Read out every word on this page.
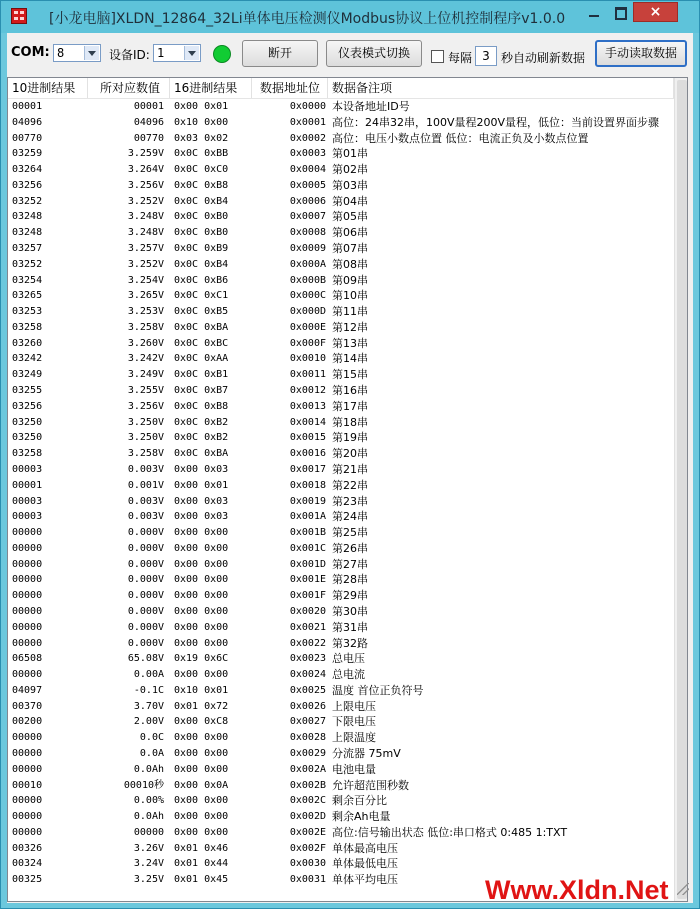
[小龙电脑]XLDN_12864_32Li单体电压检测仪Modbus协议上位机控制程序v1.0.0	×
COM: 8	设备ID: 1	断开	仪表模式切换	每隔 3 秒自动刷新数据	手动读取数据
10进制结果	所对应数值	16进制结果	数据地址位 数据备注项
00001	00001 0x00 0x01	0x0000 本设备地址ID号
04096	04096 0x10 0x00	0x0001 高位：24串32串，100V量程200V量程，低位：当前设置界面步骤
00770	00770 0x03 0x02	0x0002 高位：电压小数点位置 低位：电流正负及小数点位置
03259	3.259V 0x0C 0xBB	0x0003 第01串
03264	3.264V 0x0C 0xC0	0x0004 第02串
03256	3.256V 0x0C 0xB8	0x0005 第03串
03252	3.252V 0x0C 0xB4	0x0006 第04串
03248	3.248V 0x0C 0xB0	0x0007 第05串
03248	3.248V 0x0C 0xB0	0x0008 第06串
03257	3.257V 0x0C 0xB9	0x0009 第07串
03252	3.252V 0x0C 0xB4	0x000A 第08串
03254	3.254V 0x0C 0xB6	0x000B 第09串
03265	3.265V 0x0C 0xC1	0x000C 第10串
03253	3.253V 0x0C 0xB5	0x000D 第11串
03258	3.258V 0x0C 0xBA	0x000E 第12串
03260	3.260V 0x0C 0xBC	0x000F 第13串
03242	3.242V 0x0C 0xAA	0x0010 第14串
03249	3.249V 0x0C 0xB1	0x0011 第15串
03255	3.255V 0x0C 0xB7	0x0012 第16串
03256	3.256V 0x0C 0xB8	0x0013 第17串
03250	3.250V 0x0C 0xB2	0x0014 第18串
03250	3.250V 0x0C 0xB2	0x0015 第19串
03258	3.258V 0x0C 0xBA	0x0016 第20串
00003	0.003V 0x00 0x03	0x0017 第21串
00001	0.001V 0x00 0x01	0x0018 第22串
00003	0.003V 0x00 0x03	0x0019 第23串
00003	0.003V 0x00 0x03	0x001A 第24串
00000	0.000V 0x00 0x00	0x001B 第25串
00000	0.000V 0x00 0x00	0x001C 第26串
00000	0.000V 0x00 0x00	0x001D 第27串
00000	0.000V 0x00 0x00	0x001E 第28串
00000	0.000V 0x00 0x00	0x001F 第29串
00000	0.000V 0x00 0x00	0x0020 第30串
00000	0.000V 0x00 0x00	0x0021 第31串
00000	0.000V 0x00 0x00	0x0022 第32路
06508	65.08V 0x19 0x6C	0x0023 总电压
00000	0.00A 0x00 0x00	0x0024 总电流
04097	-0.1C 0x10 0x01	0x0025 温度 首位正负符号
00370	3.70V 0x01 0x72	0x0026 上限电压
00200	2.00V 0x00 0xC8	0x0027 下限电压
00000	0.0C 0x00 0x00	0x0028 上限温度
00000	0.0A 0x00 0x00	0x0029 分流器 75mV
00000	0.0Ah 0x00 0x00	0x002A 电池电量
00010	00010秒 0x00 0x0A	0x002B 允许超范围秒数
00000	0.00% 0x00 0x00	0x002C 剩余百分比
00000	0.0Ah 0x00 0x00	0x002D 剩余Ah电量
00000	00000 0x00 0x00	0x002E 高位:信号输出状态 低位:串口格式 0:485 1:TXT
00326	3.26V 0x01 0x46	0x002F 单体最高电压
00324	3.24V 0x01 0x44	0x0030 单体最低电压
00325	3.25V 0x01 0x45	0x0031 单体平均电压	Www.Xldn.Net
